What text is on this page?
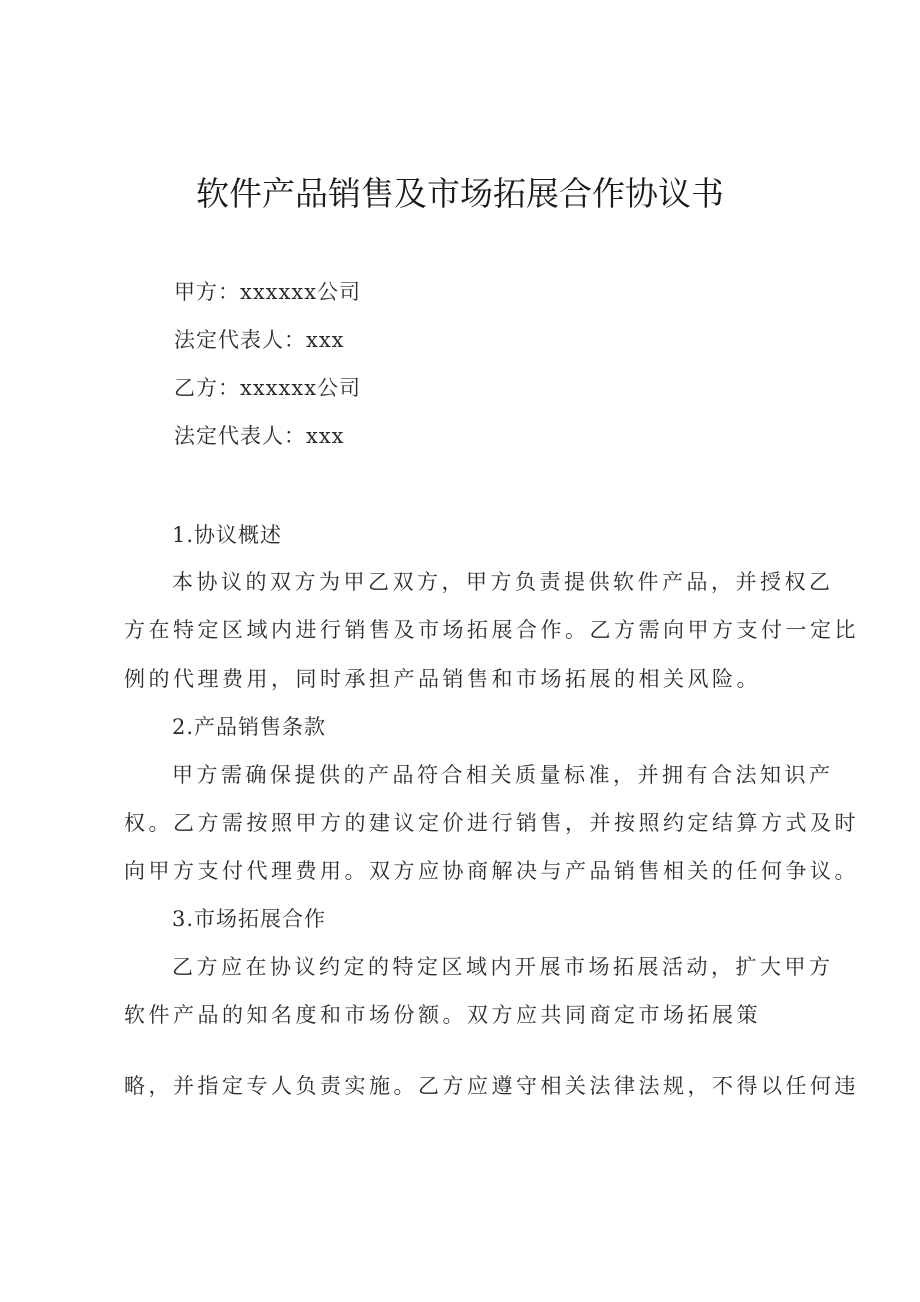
软件产品销售及市场拓展合作协议书
甲方：xxxxxx公司
法定代表人：xxx
乙方：xxxxxx公司
法定代表人：xxx
1.协议概述
本协议的双方为甲乙双方，甲方负责提供软件产品，并授权乙
方在特定区域内进行销售及市场拓展合作。乙方需向甲方支付一定比
例的代理费用，同时承担产品销售和市场拓展的相关风险。
2.产品销售条款
甲方需确保提供的产品符合相关质量标准，并拥有合法知识产
权。乙方需按照甲方的建议定价进行销售，并按照约定结算方式及时
向甲方支付代理费用。双方应协商解决与产品销售相关的任何争议。
3.市场拓展合作
乙方应在协议约定的特定区域内开展市场拓展活动，扩大甲方
软件产品的知名度和市场份额。双方应共同商定市场拓展策
略，并指定专人负责实施。乙方应遵守相关法律法规，不得以任何违
